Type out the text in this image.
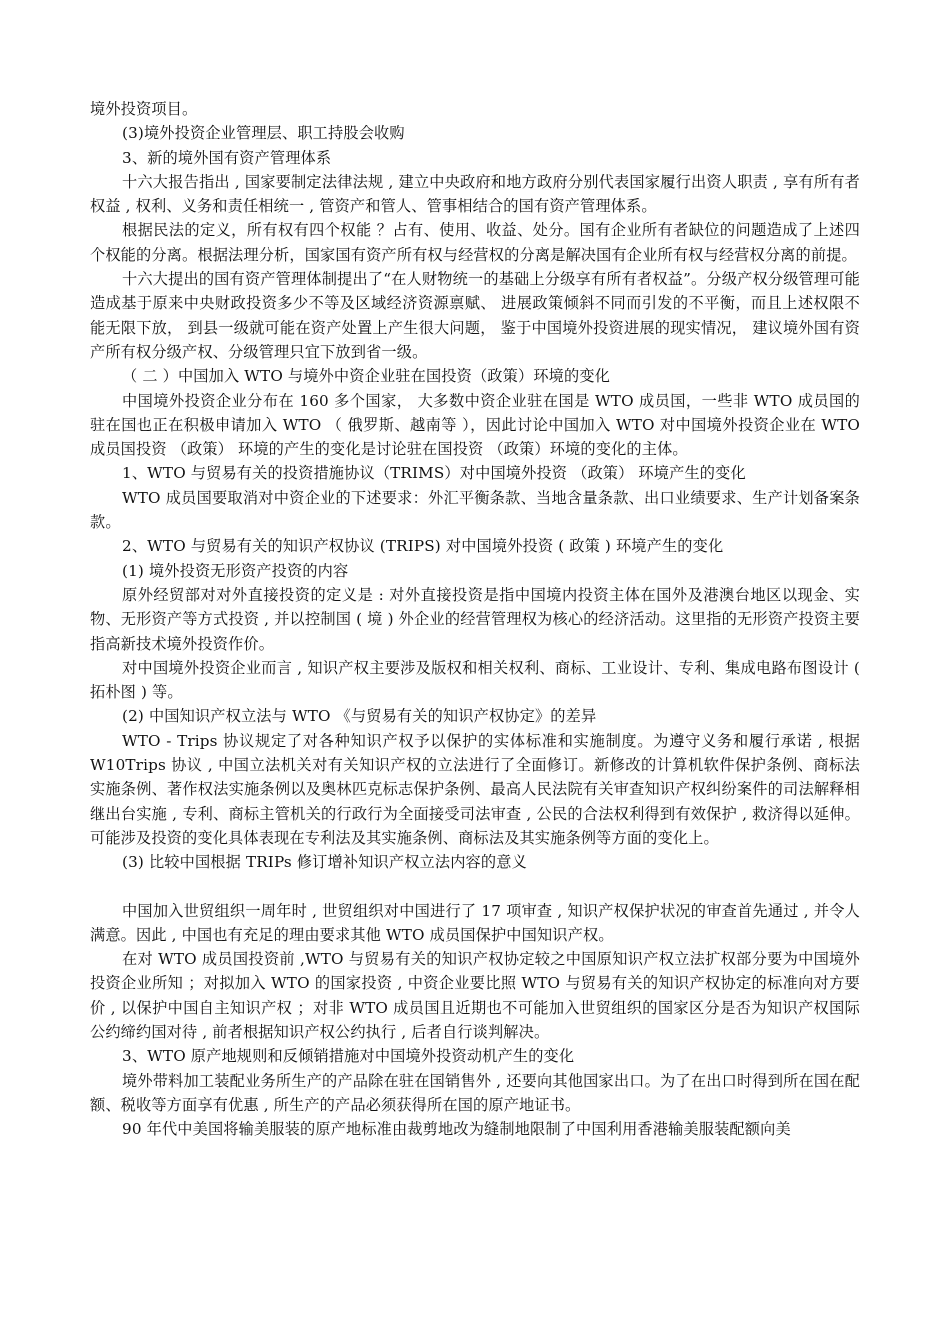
境外投资项目。

(3)境外投资企业管理层、职工持股会收购

3、新的境外国有资产管理体系

十六大报告指出 , 国家要制定法律法规 , 建立中央政府和地方政府分别代表国家履行出资人职责 , 享有所有者权益 , 权利、义务和责任相统一 , 管资产和管人、管事相结合的国有资产管理体系。

根据民法的定义，所有权有四个权能 ？占有、使用、收益、处分。国有企业所有者缺位的问题造成了上述四个权能的分离。根据法理分析，国家国有资产所有权与经营权的分离是解决国有企业所有权与经营权分离的前提。

十六大提出的国有资产管理体制提出了“在人财物统一的基础上分级享有所有者权益”。分级产权分级管理可能造成基于原来中央财政投资多少不等及区域经济资源禀赋、 进展政策倾斜不同而引发的不平衡，而且上述权限不能无限下放， 到县一级就可能在资产处置上产生很大问题， 鉴于中国境外投资进展的现实情况， 建议境外国有资产所有权分级产权、分级管理只宜下放到省一级。

（ 二 ）中国加入 WTO 与境外中资企业驻在国投资（政策）环境的变化

中国境外投资企业分布在 160 多个国家， 大多数中资企业驻在国是 WTO 成员国，一些非 WTO 成员国的驻在国也正在积极申请加入 WTO （ 俄罗斯、越南等 ），因此讨论中国加入 WTO 对中国境外投资企业在 WTO 成员国投资 （政策） 环境的产生的变化是讨论驻在国投资 （政策）环境的变化的主体。

1、WTO 与贸易有关的投资措施协议（TRIMS）对中国境外投资 （政策） 环境产生的变化

WTO 成员国要取消对中资企业的下述要求：外汇平衡条款、当地含量条款、出口业绩要求、生产计划备案条款。

2、WTO 与贸易有关的知识产权协议 (TRIPS) 对中国境外投资 ( 政策 ) 环境产生的变化

(1) 境外投资无形资产投资的内容

原外经贸部对对外直接投资的定义是 : 对外直接投资是指中国境内投资主体在国外及港澳台地区以现金、实物、无形资产等方式投资 , 并以控制国 ( 境 ) 外企业的经营管理权为核心的经济活动。这里指的无形资产投资主要指高新技术境外投资作价。

对中国境外投资企业而言 , 知识产权主要涉及版权和相关权利、商标、工业设计、专利、集成电路布图设计 ( 拓朴图 ) 等。

(2) 中国知识产权立法与 WTO 《与贸易有关的知识产权协定》的差异

WTO - Trips 协议规定了对各种知识产权予以保护的实体标准和实施制度。为遵守义务和履行承诺 , 根据 W10Trips 协议 , 中国立法机关对有关知识产权的立法进行了全面修订。新修改的计算机软件保护条例、商标法实施条例、著作权法实施条例以及奥林匹克标志保护条例、最高人民法院有关审查知识产权纠纷案件的司法解释相继出台实施 , 专利、商标主管机关的行政行为全面接受司法审查 , 公民的合法权利得到有效保护 , 救济得以延伸。可能涉及投资的变化具体表现在专利法及其实施条例、商标法及其实施条例等方面的变化上。

(3) 比较中国根据 TRIPs 修订增补知识产权立法内容的意义

中国加入世贸组织一周年时 , 世贸组织对中国进行了 17 项审查 , 知识产权保护状况的审查首先通过 , 并令人满意。因此 , 中国也有充足的理由要求其他 WTO 成员国保护中国知识产权。

在对 WTO 成员国投资前 ,WTO 与贸易有关的知识产权协定较之中国原知识产权立法扩权部分要为中国境外投资企业所知 ；对拟加入 WTO 的国家投资 , 中资企业要比照 WTO 与贸易有关的知识产权协定的标准向对方要价 , 以保护中国自主知识产权 ；对非 WTO 成员国且近期也不可能加入世贸组织的国家区分是否为知识产权国际公约缔约国对待 , 前者根据知识产权公约执行 , 后者自行谈判解决。

3、WTO 原产地规则和反倾销措施对中国境外投资动机产生的变化

境外带料加工装配业务所生产的产品除在驻在国销售外 , 还要向其他国家出口。为了在出口时得到所在国在配额、税收等方面享有优惠 , 所生产的产品必须获得所在国的原产地证书。

90 年代中美国将输美服装的原产地标准由裁剪地改为缝制地限制了中国利用香港输美服装配额向美
